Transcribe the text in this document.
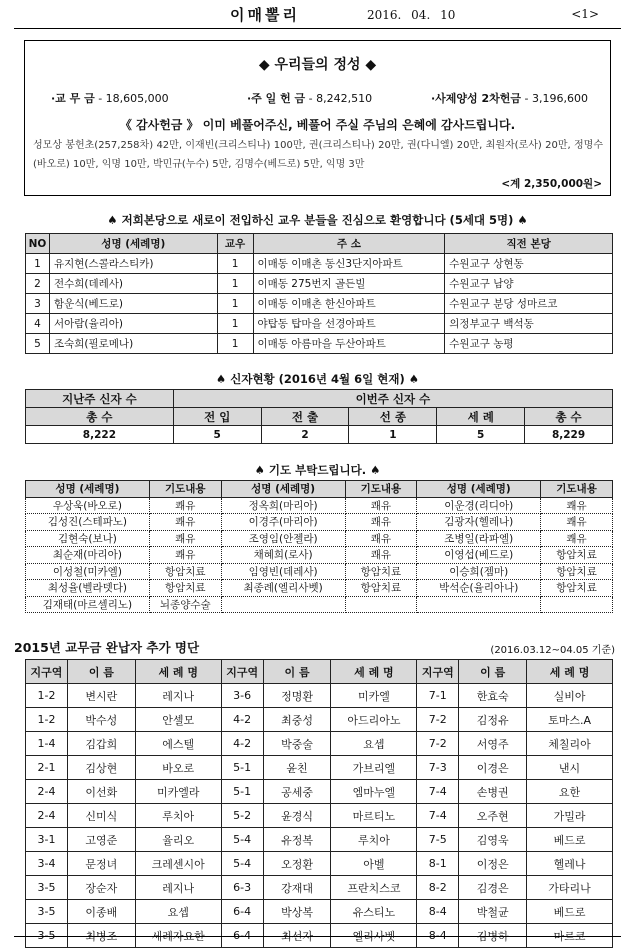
이매뽈리	2016. 04. 10	<1>
◆ 우리들의 정성 ◆
·교 무 금 - 18,605,000	·주 일 헌 금 - 8,242,510	·사제양성 2차헌금 - 3,196,600
《 감사헌금 》 이미 베풀어주신, 베풀어 주실 주님의 은혜에 감사드립니다.
성모상 봉헌초(257,258차) 42만, 이재빈(크리스티나) 100만, 권(크리스티나) 20만, 권(다니엘) 20만, 최원자(로사) 20만, 정명수(바오로) 10만, 익명 10만, 박민규(누수) 5만, 김명수(베드로) 5만, 익명 3만
<계 2,350,000원>
♠ 저희본당으로 새로이 전입하신 교우 분들을 진심으로 환영합니다 (5세대 5명) ♠
NO	성명 (세례명)	교우	주 소	직전 본당
1	유지현(스콜라스티카)	1	이매동 이매촌 동신3단지아파트	수원교구 상현동
2	전수희(데레사)	1	이매동 275번지 골든빌	수원교구 남양
3	함운식(베드로)	1	이매동 이매촌 한신아파트	수원교구 분당 성마르코
4	서아람(율리아)	1	야탑동 탑마을 선경아파트	의정부교구 백석동
5	조숙희(필로메나)	1	이매동 아름마을 두산아파트	수원교구 농평
♠ 신자현황 (2016년 4월 6일 현재) ♠
지난주 신자 수	이번주 신자 수				
총 수	전 입	전 출	선 종	세 례	총 수
8,222	5	2	1	5	8,229
♠ 기도 부탁드립니다. ♠
성명 (세례명)	기도내용	성명 (세례명)	기도내용	성명 (세례명)	기도내용
우상욱(바오로)	쾌유	정옥희(마리아)	쾌유	이운경(리디아)	쾌유
김성진(스테파노)	쾌유	이경주(마리아)	쾌유	김광자(헬레나)	쾌유
김현숙(보나)	쾌유	조영임(안젤라)	쾌유	조병일(라파엘)	쾌유
최순재(마리아)	쾌유	채혜희(로사)	쾌유	이영섭(베드로)	항암치료
이성철(미카엘)	항암치료	임영빈(데레사)	항암치료	이승희(젬마)	항암치료
최성율(벨라뎃다)	항암치료	최종례(엘리사벳)	항암치료	박석순(율리아나)	항암치료
김재태(마르셀리노)	뇌종양수술				
2015년 교무금 완납자 추가 명단	(2016.03.12~04.05 기준)
지구역	이 름	세 례 명	지구역	이 름	세 례 명	지구역	이 름	세 례 명
1-2	변시란	레지나	3-6	정명환	미카엘	7-1	한효숙	실비아
1-2	박수성	안셀모	4-2	최중성	아드리아노	7-2	김정유	토마스.A
1-4	김갑희	에스텔	4-2	박중술	요셉	7-2	서영주	체칠리아
2-1	김상현	바오로	5-1	윤친	가브리엘	7-3	이경은	낸시
2-4	이선화	미카엘라	5-1	공세중	엠마누엘	7-4	손병권	요한
2-4	신미식	루치아	5-2	윤경식	마르티노	7-4	오주현	가밀라
3-1	고영준	율리오	5-4	유정복	루치아	7-5	김영욱	베드로
3-4	문정녀	크레센시아	5-4	오정환	아벨	8-1	이정은	헬레나
3-5	장순자	레지나	6-3	강재대	프란치스코	8-2	김경은	가타리나
3-5	이종배	요셉	6-4	박상복	유스티노	8-4	박철균	베드로
3-5	최병조	세례자요한	6-4	최선자	엘리사벳	8-4	김병하	마르코
